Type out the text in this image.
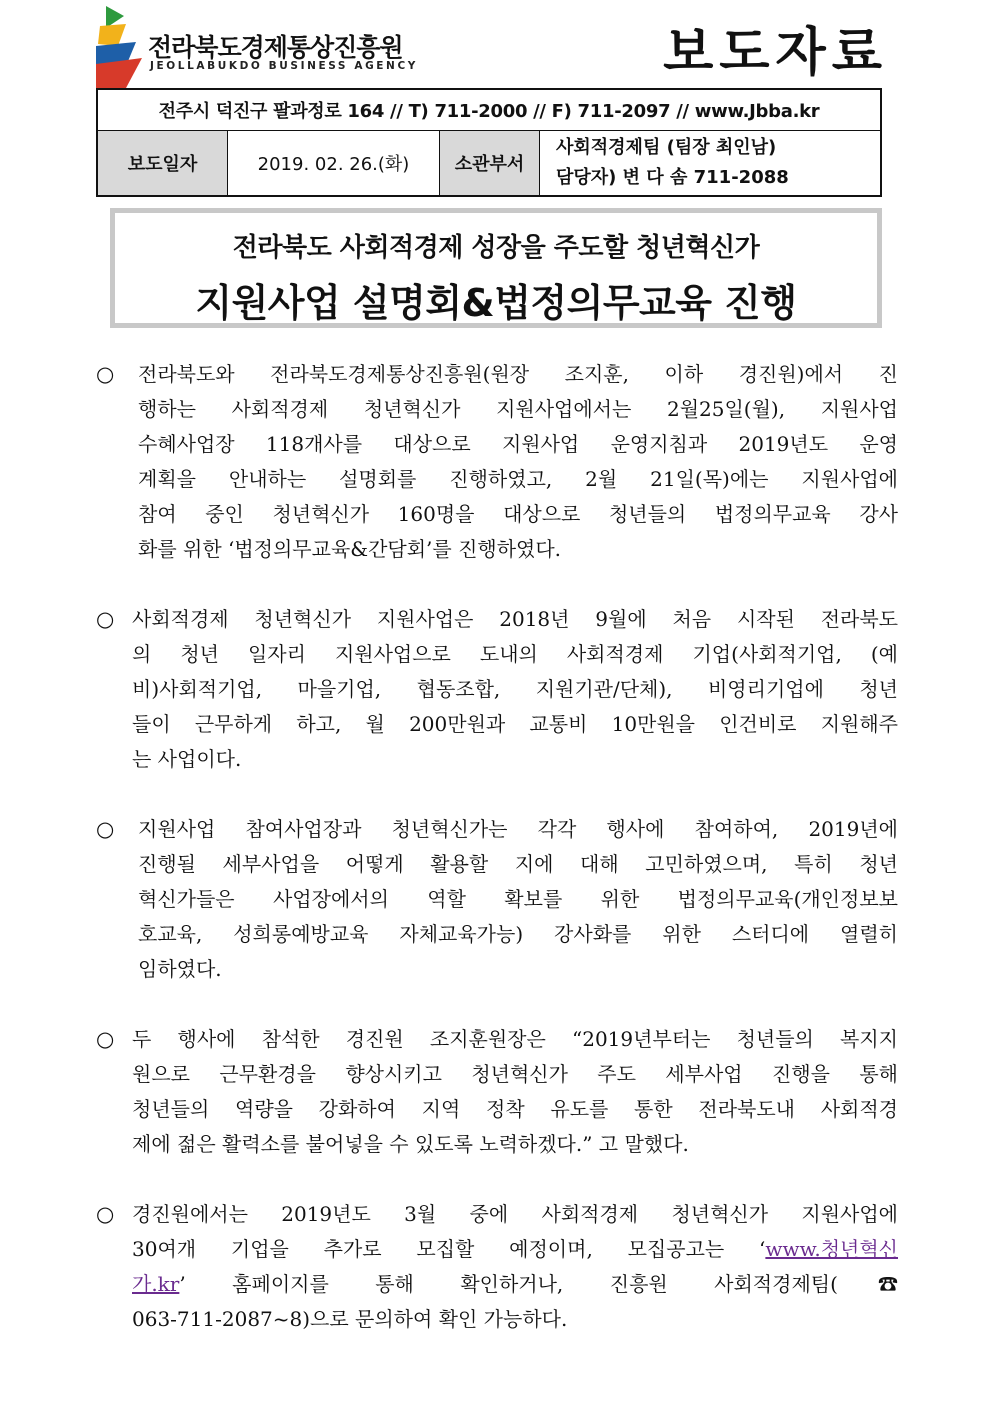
전라북도경제통상진흥원
JEOLLABUKDO BUSINESS AGENCY	보도자료
전주시 덕진구 팔과정로 164 // T) 711-2000 // F) 711-2097 // www.Jbba.kr
보도일자	2019. 02. 26.(화)	소관부서
사회적경제팀 (팀장 최인남)
담당자) 변 다 솜 711-2088
전라북도 사회적경제 성장을 주도할 청년혁신가
지원사업 설명회&법정의무교육 진행
○	전라북도와 전라북도경제통상진흥원(원장 조지훈, 이하 경진원)에서 진
행하는 사회적경제 청년혁신가 지원사업에서는 2월25일(월), 지원사업
수혜사업장 118개사를 대상으로 지원사업 운영지침과 2019년도 운영
계획을 안내하는 설명회를 진행하였고, 2월 21일(목)에는 지원사업에
참여 중인 청년혁신가 160명을 대상으로 청년들의 법정의무교육 강사
화를 위한 ‘법정의무교육&간담회’를 진행하였다.
○ 사회적경제 청년혁신가 지원사업은 2018년 9월에 처음 시작된 전라북도
의 청년 일자리 지원사업으로 도내의 사회적경제 기업(사회적기업, (예
비)사회적기업, 마을기업, 협동조합, 지원기관/단체), 비영리기업에 청년
들이 근무하게 하고, 월 200만원과 교통비 10만원을 인건비로 지원해주
는 사업이다.
○	지원사업 참여사업장과 청년혁신가는 각각 행사에 참여하여, 2019년에
진행될 세부사업을 어떻게 활용할 지에 대해 고민하였으며, 특히 청년
혁신가들은 사업장에서의 역할 확보를 위한 법정의무교육(개인정보보
호교육, 성희롱예방교육 자체교육가능) 강사화를 위한 스터디에 열렬히
임하였다.
○ 두 행사에 참석한 경진원 조지훈원장은 “2019년부터는 청년들의 복지지
원으로 근무환경을 향상시키고 청년혁신가 주도 세부사업 진행을 통해
청년들의 역량을 강화하여 지역 정착 유도를 통한 전라북도내 사회적경
제에 젊은 활력소를 불어넣을 수 있도록 노력하겠다.” 고 말했다.
○ 경진원에서는 2019년도 3월 중에 사회적경제 청년혁신가 지원사업에
30여개 기업을 추가로 모집할 예정이며, 모집공고는 ‘www.청년혁신
가.kr’ 홈페이지를 통해 확인하거나, 진흥원 사회적경제팀(☎
063-711-2087~8)으로 문의하여 확인 가능하다.
